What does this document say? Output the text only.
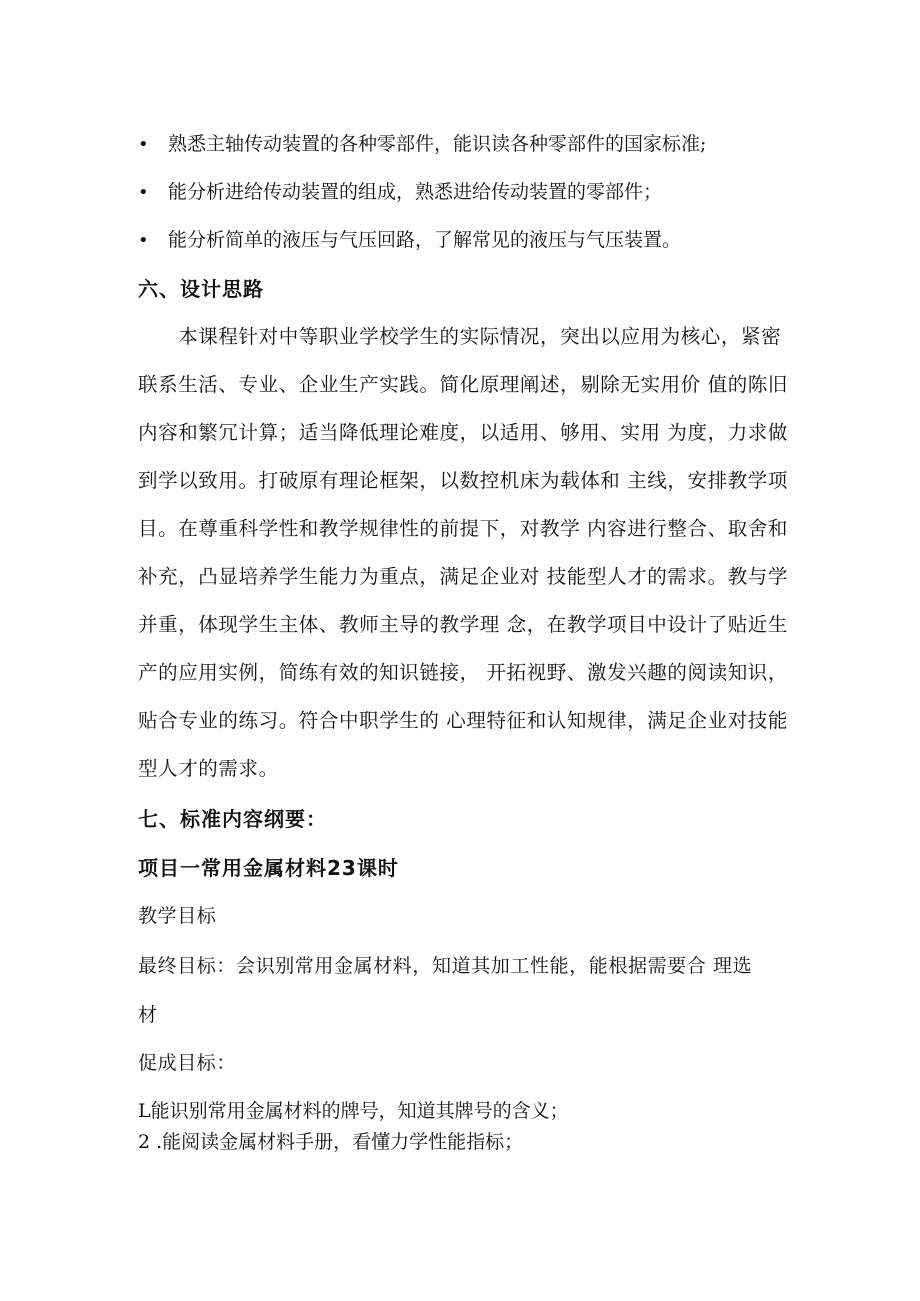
• 熟悉主轴传动装置的各种零部件，能识读各种零部件的国家标准;
• 能分析进给传动装置的组成，熟悉进给传动装置的零部件；
• 能分析简单的液压与气压回路，了解常见的液压与气压装置。
六、设计思路
　　本课程针对中等职业学校学生的实际情况，突出以应用为核心，紧密
联系生活、专业、企业生产实践。简化原理阐述，剔除无实用价 值的陈旧
内容和繁冗计算；适当降低理论难度，以适用、够用、实用 为度，力求做
到学以致用。打破原有理论框架，以数控机床为载体和 主线，安排教学项
目。在尊重科学性和教学规律性的前提下，对教学 内容进行整合、取舍和
补充，凸显培养学生能力为重点，满足企业对 技能型人才的需求。教与学
并重，体现学生主体、教师主导的教学理 念，在教学项目中设计了贴近生
产的应用实例，简练有效的知识链接， 开拓视野、激发兴趣的阅读知识，
贴合专业的练习。符合中职学生的 心理特征和认知规律，满足企业对技能
型人才的需求。
七、标准内容纲要：
项目一常用金属材料23课时
教学目标
最终目标：会识别常用金属材料，知道其加工性能，能根据需要合 理选
材
促成目标：
L能识别常用金属材料的牌号，知道其牌号的含义；
2 .能阅读金属材料手册，看懂力学性能指标；
